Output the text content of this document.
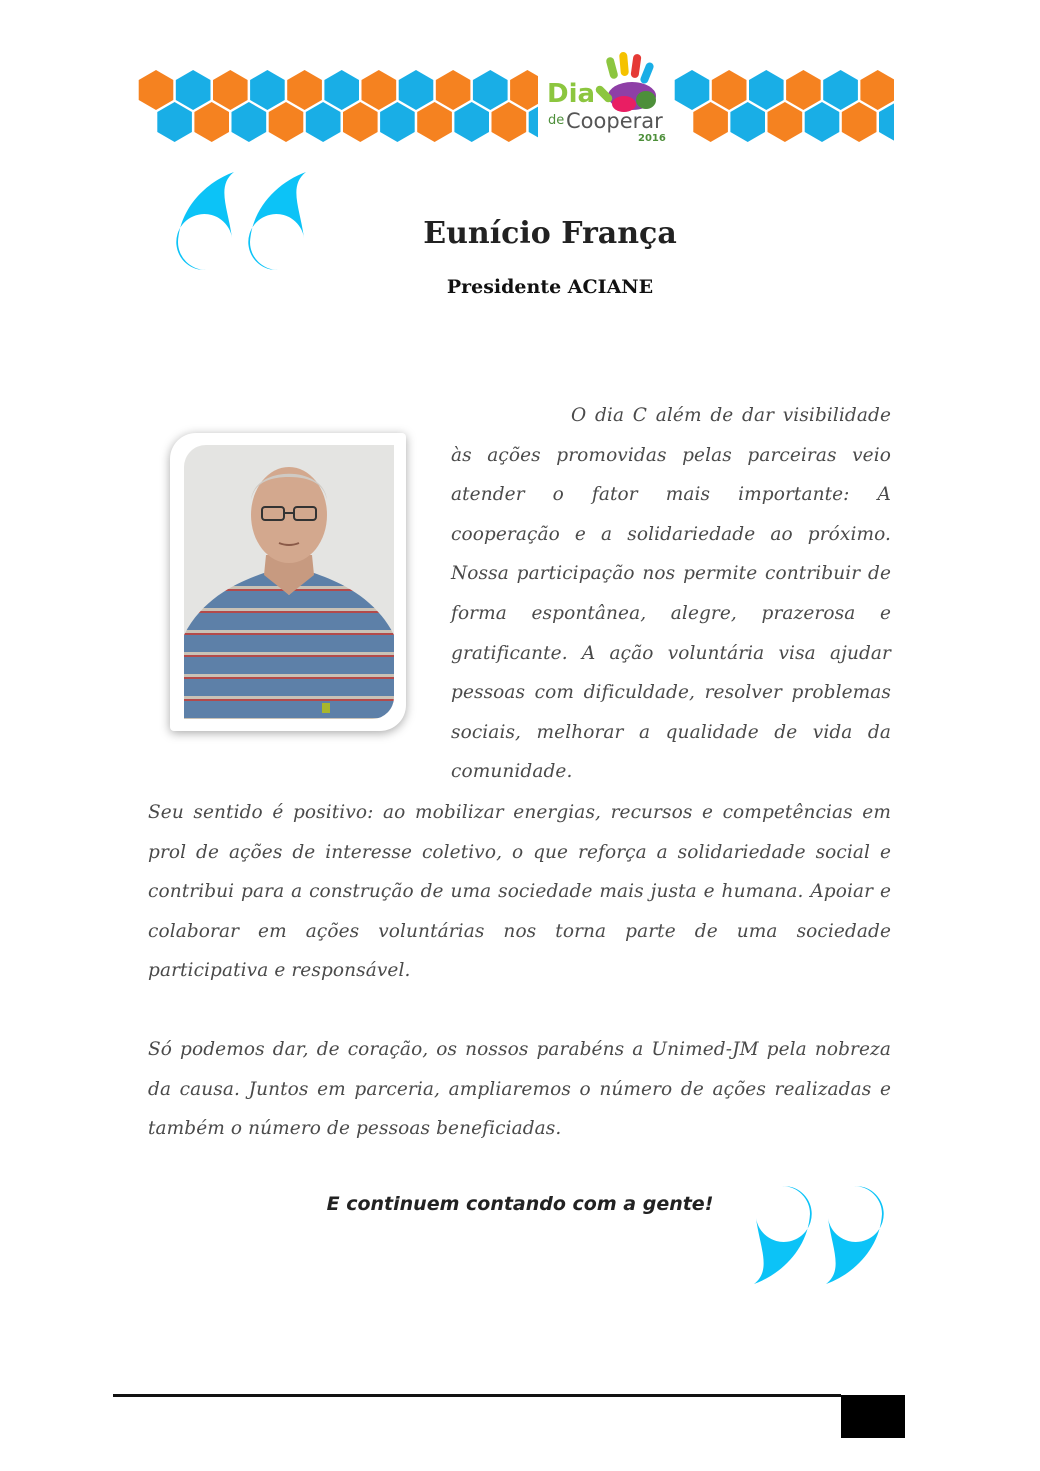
Dia
de Cooperar
2016
Eunício França

Presidente ACIANE

O dia C além de dar visibilidade às ações promovidas pelas parceiras veio atender o fator mais importante: A cooperação e a solidariedade ao próximo. Nossa participação nos permite contribuir de forma espontânea, alegre, prazerosa e gratificante. A ação voluntária visa ajudar pessoas com dificuldade, resolver problemas sociais, melhorar a qualidade de vida da comunidade.

Seu sentido é positivo: ao mobilizar energias, recursos e competências em prol de ações de interesse coletivo, o que reforça a solidariedade social e contribui para a construção de uma sociedade mais justa e humana. Apoiar e colaborar em ações voluntárias nos torna parte de uma sociedade participativa e responsável.

Só podemos dar, de coração, os nossos parabéns a Unimed-JM pela nobreza da causa. Juntos em parceria, ampliaremos o número de ações realizadas e também o número de pessoas beneficiadas.

E continuem contando com a gente!
